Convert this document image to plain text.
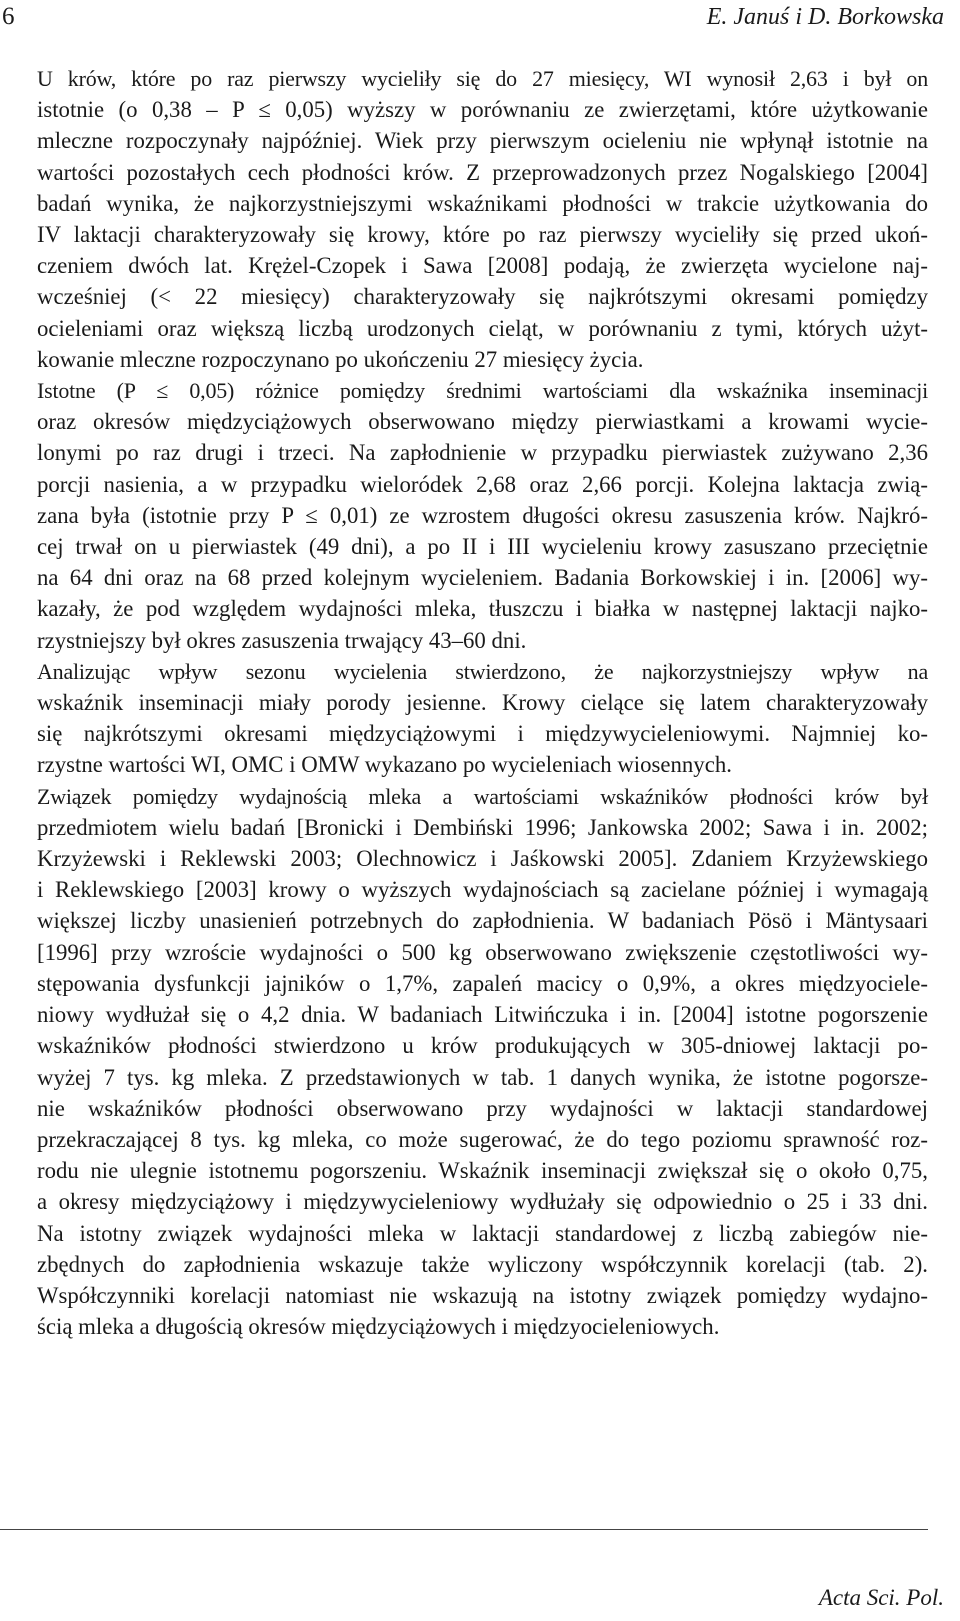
6	E. Januś i D. Borkowska

U krów, które po raz pierwszy wycieliły się do 27 miesięcy, WI wynosił 2,63 i był on
istotnie (o 0,38 – P ≤ 0,05) wyższy w porównaniu ze zwierzętami, które użytkowanie
mleczne rozpoczynały najpóźniej. Wiek przy pierwszym ocieleniu nie wpłynął istotnie na
wartości pozostałych cech płodności krów. Z przeprowadzonych przez Nogalskiego [2004]
badań wynika, że najkorzystniejszymi wskaźnikami płodności w trakcie użytkowania do
IV laktacji charakteryzowały się krowy, które po raz pierwszy wycieliły się przed ukoń-
czeniem dwóch lat. Krężel-Czopek i Sawa [2008] podają, że zwierzęta wycielone naj-
wcześniej (< 22 miesięcy) charakteryzowały się najkrótszymi okresami pomiędzy
ocieleniami oraz większą liczbą urodzonych cieląt, w porównaniu z tymi, których użyt-
kowanie mleczne rozpoczynano po ukończeniu 27 miesięcy życia.

Istotne (P ≤ 0,05) różnice pomiędzy średnimi wartościami dla wskaźnika inseminacji
oraz okresów międzyciążowych obserwowano między pierwiastkami a krowami wycie-
lonymi po raz drugi i trzeci. Na zapłodnienie w przypadku pierwiastek zużywano 2,36
porcji nasienia, a w przypadku wieloródek 2,68 oraz 2,66 porcji. Kolejna laktacja zwią-
zana była (istotnie przy P ≤ 0,01) ze wzrostem długości okresu zasuszenia krów. Najkró-
cej trwał on u pierwiastek (49 dni), a po II i III wycieleniu krowy zasuszano przeciętnie
na 64 dni oraz na 68 przed kolejnym wycieleniem. Badania Borkowskiej i in. [2006] wy-
kazały, że pod względem wydajności mleka, tłuszczu i białka w następnej laktacji najko-
rzystniejszy był okres zasuszenia trwający 43–60 dni.

Analizując wpływ sezonu wycielenia stwierdzono, że najkorzystniejszy wpływ na
wskaźnik inseminacji miały porody jesienne. Krowy cielące się latem charakteryzowały
się najkrótszymi okresami międzyciążowymi i międzywycieleniowymi. Najmniej ko-
rzystne wartości WI, OMC i OMW wykazano po wycieleniach wiosennych.

Związek pomiędzy wydajnością mleka a wartościami wskaźników płodności krów był
przedmiotem wielu badań [Bronicki i Dembiński 1996; Jankowska 2002; Sawa i in. 2002;
Krzyżewski i Reklewski 2003; Olechnowicz i Jaśkowski 2005]. Zdaniem Krzyżewskiego
i Reklewskiego [2003] krowy o wyższych wydajnościach są zacielane później i wymagają
większej liczby unasienień potrzebnych do zapłodnienia. W badaniach Pösö i Mäntysaari
[1996] przy wzroście wydajności o 500 kg obserwowano zwiększenie częstotliwości wy-
stępowania dysfunkcji jajników o 1,7%, zapaleń macicy o 0,9%, a okres międzyociele-
niowy wydłużał się o 4,2 dnia. W badaniach Litwińczuka i in. [2004] istotne pogorszenie
wskaźników płodności stwierdzono u krów produkujących w 305-dniowej laktacji po-
wyżej 7 tys. kg mleka. Z przedstawionych w tab. 1 danych wynika, że istotne pogorsze-
nie wskaźników płodności obserwowano przy wydajności w laktacji standardowej
przekraczającej 8 tys. kg mleka, co może sugerować, że do tego poziomu sprawność roz-
rodu nie ulegnie istotnemu pogorszeniu. Wskaźnik inseminacji zwiększał się o około 0,75,
a okresy międzyciążowy i międzywycieleniowy wydłużały się odpowiednio o 25 i 33 dni.
Na istotny związek wydajności mleka w laktacji standardowej z liczbą zabiegów nie-
zbędnych do zapłodnienia wskazuje także wyliczony współczynnik korelacji (tab. 2).
Współczynniki korelacji natomiast nie wskazują na istotny związek pomiędzy wydajno-
ścią mleka a długością okresów międzyciążowych i międzyocieleniowych.

Acta Sci. Pol.
